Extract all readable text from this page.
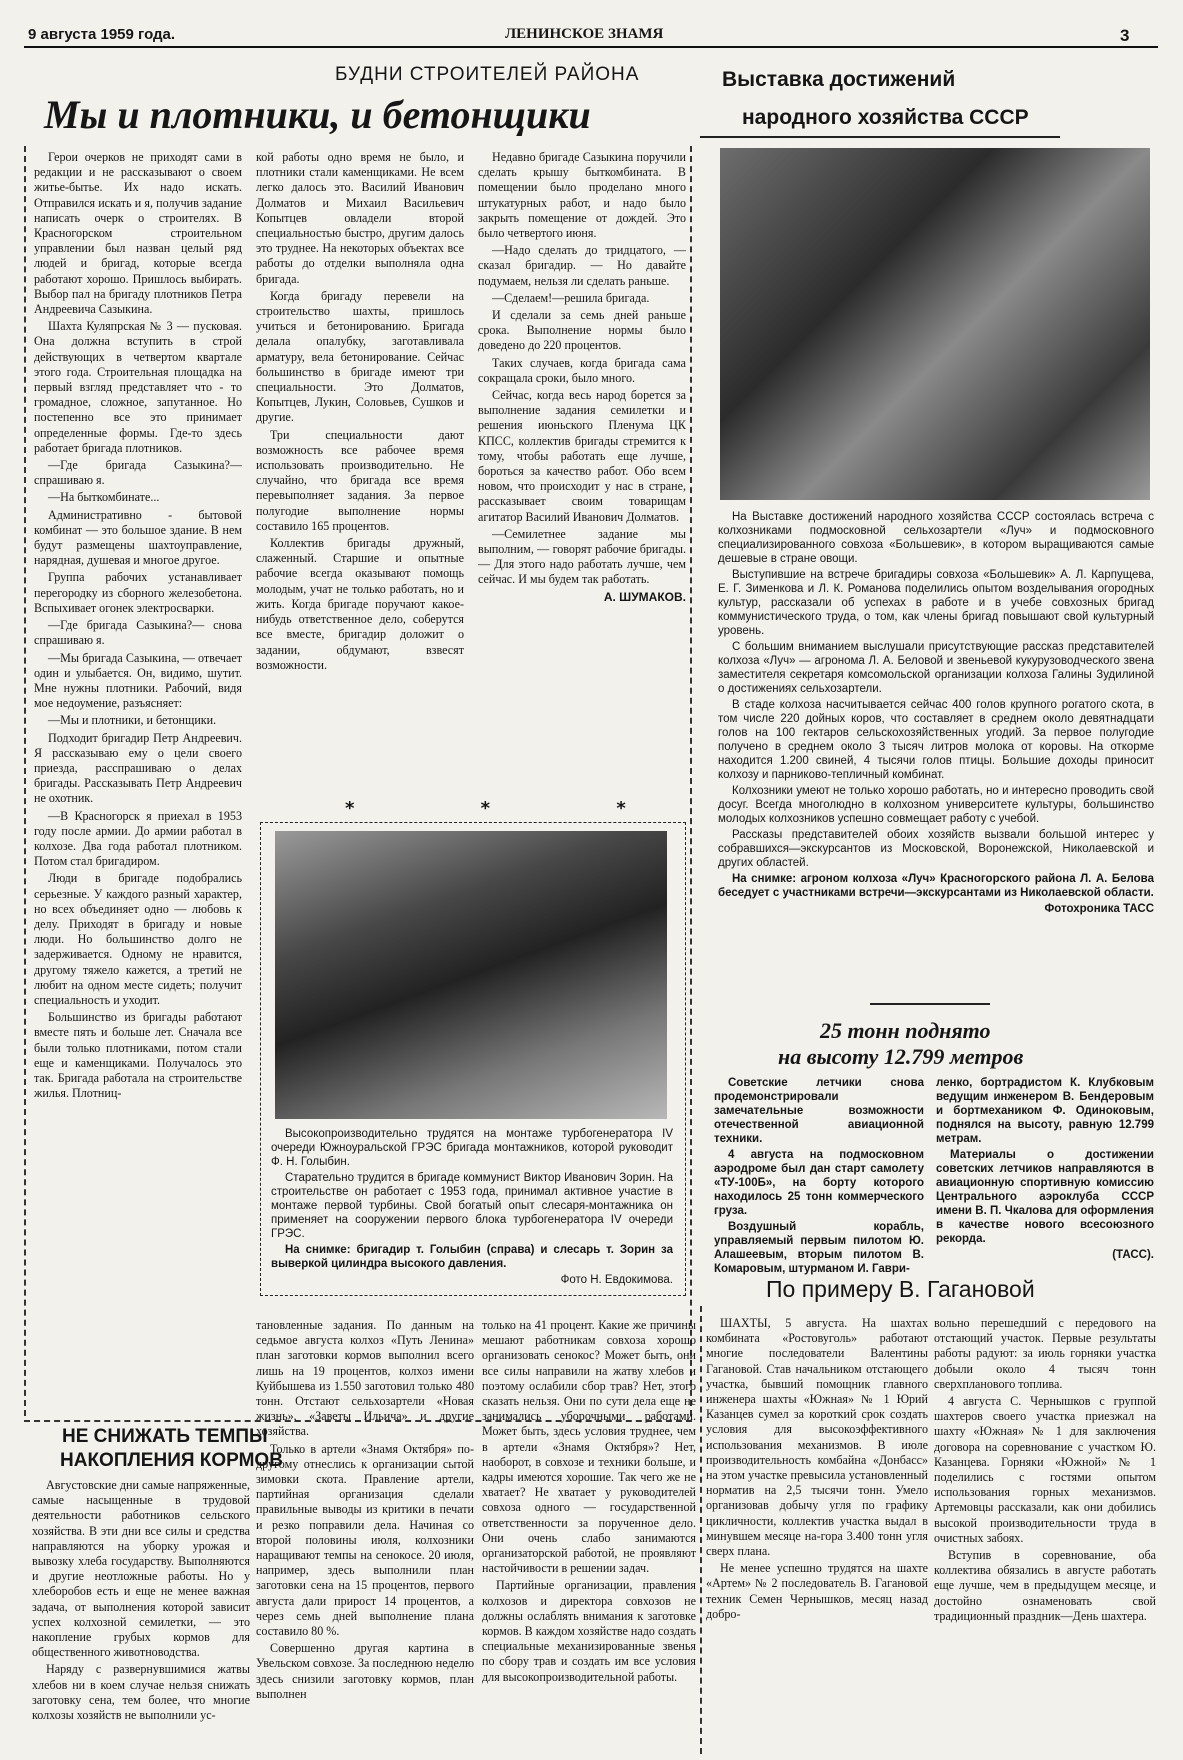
9 августа 1959 года.	ЛЕНИНСКОЕ ЗНАМЯ	3
БУДНИ СТРОИТЕЛЕЙ РАЙОНА
Мы и плотники, и бетонщики

Герои очерков не приходят сами в редакции и не рассказывают о своем житье-бытье. Их надо искать. Отправился искать и я, получив задание написать очерк о строителях. В Красногорском строительном управлении был назван целый ряд людей и бригад, которые всегда работают хорошо. Пришлось выбирать. Выбор пал на бригаду плотников Петра Андреевича Сазыкина.

Шахта Куляпрская № 3 — пусковая. Она должна вступить в строй действующих в четвертом квартале этого года. Строительная площадка на первый взгляд представляет что - то громадное, сложное, запутанное. Но постепенно все это принимает определенные формы. Где-то здесь работает бригада плотников.

—Где бригада Сазыкина?— спрашиваю я.

—На быткомбинате...

Административно - бытовой комбинат — это большое здание. В нем будут размещены шахтоуправление, нарядная, душевая и многое другое.

Группа рабочих устанавливает перегородку из сборного железобетона. Вспыхивает огонек электросварки.

—Где бригада Сазыкина?— снова спрашиваю я.

—Мы бригада Сазыкина, — отвечает один и улыбается. Он, видимо, шутит. Мне нужны плотники. Рабочий, видя мое недоумение, разъясняет:

—Мы и плотники, и бетонщики.

Подходит бригадир Петр Андреевич. Я рассказываю ему о цели своего приезда, расспрашиваю о делах бригады. Рассказывать Петр Андреевич не охотник.

—В Красногорск я приехал в 1953 году после армии. До армии работал в колхозе. Два года работал плотником. Потом стал бригадиром.

Люди в бригаде подобрались серьезные. У каждого разный характер, но всех объединяет одно — любовь к делу. Приходят в бригаду и новые люди. Но большинство долго не задерживается. Одному не нравится, другому тяжело кажется, а третий не любит на одном месте сидеть; получит специальность и уходит.

Большинство из бригады работают вместе пять и больше лет. Сначала все были только плотниками, потом стали еще и каменщиками. Получалось это так. Бригада работала на строительстве жилья. Плотниц-

кой работы одно время не было, и плотники стали каменщиками. Не всем легко далось это. Василий Иванович Долматов и Михаил Васильевич Копытцев овладели второй специальностью быстро, другим далось это труднее. На некоторых объектах все работы до отделки выполняла одна бригада.

Когда бригаду перевели на строительство шахты, пришлось учиться и бетонированию. Бригада делала опалубку, заготавливала арматуру, вела бетонирование. Сейчас большинство в бригаде имеют три специальности. Это Долматов, Копытцев, Лукин, Соловьев, Сушков и другие.

Три специальности дают возможность все рабочее время использовать производительно. Не случайно, что бригада все время перевыполняет задания. За первое полугодие выполнение нормы составило 165 процентов.

Коллектив бригады дружный, слаженный. Старшие и опытные рабочие всегда оказывают помощь молодым, учат не только работать, но и жить. Когда бригаде поручают какое-нибудь ответственное дело, соберутся все вместе, бригадир доложит о задании, обдумают, взвесят возможности.

Недавно бригаде Сазыкина поручили сделать крышу быткомбината. В помещении было проделано много штукатурных работ, и надо было закрыть помещение от дождей. Это было четвертого июня.

—Надо сделать до тридцатого, — сказал бригадир. — Но давайте подумаем, нельзя ли сделать раньше.

—Сделаем!—решила бригада.

И сделали за семь дней раньше срока. Выполнение нормы было доведено до 220 процентов.

Таких случаев, когда бригада сама сокращала сроки, было много.

Сейчас, когда весь народ борется за выполнение задания семилетки и решения июньского Пленума ЦК КПСС, коллектив бригады стремится к тому, чтобы работать еще лучше, бороться за качество работ. Обо всем новом, что происходит у нас в стране, рассказывает своим товарищам агитатор Василий Иванович Долматов.

—Семилетнее задание мы выполним, — говорят рабочие бригады. — Для этого надо работать лучше, чем сейчас. И мы будем так работать.

А. ШУМАКОВ.

* * *

Высокопроизводительно трудятся на монтаже турбогенератора IV очереди Южноуральской ГРЭС бригада монтажников, которой руководит Ф. Н. Голыбин.

Старательно трудится в бригаде коммунист Виктор Иванович Зорин. На строительстве он работает с 1953 года, принимал активное участие в монтаже первой турбины. Свой богатый опыт слесаря-монтажника он применяет на сооружении первого блока турбогенератора IV очереди ГРЭС.

На снимке: бригадир т. Голыбин (справа) и слесарь т. Зорин за выверкой цилиндра высокого давления.

Фото Н. Евдокимова.

Выставка достижений
народного хозяйства СССР

На Выставке достижений народного хозяйства СССР состоялась встреча с колхозниками подмосковной сельхозартели «Луч» и подмосковного специализированного совхоза «Большевик», в котором выращиваются самые дешевые в стране овощи.

Выступившие на встрече бригадиры совхоза «Большевик» А. Л. Карпущева, Е. Г. Зименкова и Л. К. Романова поделились опытом возделывания огородных культур, рассказали об успехах в работе и в учебе совхозных бригад коммунистического труда, о том, как члены бригад повышают свой культурный уровень.

С большим вниманием выслушали присутствующие рассказ представителей колхоза «Луч» — агронома Л. А. Беловой и звеньевой кукурузоводческого звена заместителя секретаря комсомольской организации колхоза Галины Зудилиной о достижениях сельхозартели.

В стаде колхоза насчитывается сейчас 400 голов крупного рогатого скота, в том числе 220 дойных коров, что составляет в среднем около девятнадцати голов на 100 гектаров сельскохозяйственных угодий. За первое полугодие получено в среднем около 3 тысяч литров молока от коровы. На откорме находится 1.200 свиней, 4 тысячи голов птицы. Большие доходы приносит колхозу и парниково-тепличный комбинат.

Колхозники умеют не только хорошо работать, но и интересно проводить свой досуг. Всегда многолюдно в колхозном университете культуры, большинство молодых колхозников успешно совмещает работу с учебой.

Рассказы представителей обоих хозяйств вызвали большой интерес у собравшихся—экскурсантов из Московской, Воронежской, Николаевской и других областей.

На снимке: агроном колхоза «Луч» Красногорского района Л. А. Белова беседует с участниками встречи—экскурсантами из Николаевской области.

Фотохроника ТАСС

25 тонн поднято
на высоту 12.799 метров

Советские летчики снова продемонстрировали замечательные возможности отечественной авиационной техники.

4 августа на подмосковном аэродроме был дан старт самолету «ТУ-100Б», на борту которого находилось 25 тонн коммерческого груза.

Воздушный корабль, управляемый первым пилотом Ю. Алашеевым, вторым пилотом В. Комаровым, штурманом И. Гаври-

ленко, бортрадистом К. Клубковым ведущим инженером В. Бендеровым и бортмехаником Ф. Одиноковым, поднялся на высоту, равную 12.799 метрам.

Материалы о достижении советских летчиков направляются в авиационную спортивную комиссию Центрального аэроклуба СССР имени В. П. Чкалова для оформления в качестве нового всесоюзного рекорда.

(ТАСС).

По примеру В. Гагановой

ШАХТЫ, 5 августа. На шахтах комбината «Ростовуголь» работают многие последователи Валентины Гагановой. Став начальником отстающего участка, бывший помощник главного инженера шахты «Южная» № 1 Юрий Казанцев сумел за короткий срок создать условия для высокоэффективного использования механизмов. В июле производительность комбайна «Донбасс» на этом участке превысила установленный норматив на 2,5 тысячи тонн. Умело организовав добычу угля по графику цикличности, коллектив участка выдал в минувшем месяце на-гора 3.400 тонн угля сверх плана.

Не менее успешно трудятся на шахте «Артем» № 2 последователь В. Гагановой техник Семен Чернышков, месяц назад добро-

вольно перешедший с передового на отстающий участок. Первые результаты работы радуют: за июль горняки участка добыли около 4 тысяч тонн сверхпланового топлива.

4 августа С. Чернышков с группой шахтеров своего участка приезжал на шахту «Южная» № 1 для заключения договора на соревнование с участком Ю. Казанцева. Горняки «Южной» № 1 поделились с гостями опытом использования горных механизмов. Артемовцы рассказали, как они добились высокой производительности труда в очистных забоях.

Вступив в соревнование, оба коллектива обязались в августе работать еще лучше, чем в предыдущем месяце, и достойно ознаменовать свой традиционный праздник—День шахтера.

НЕ СНИЖАТЬ ТЕМПЫ
НАКОПЛЕНИЯ КОРМОВ

Августовские дни самые напряженные, самые насыщенные в трудовой деятельности работников сельского хозяйства. В эти дни все силы и средства направляются на уборку урожая и вывозку хлеба государству. Выполняются и другие неотложные работы. Но у хлеборобов есть и еще не менее важная задача, от выполнения которой зависит успех колхозной семилетки, — это накопление грубых кормов для общественного животноводства.

Наряду с развернувшимися жатвы хлебов ни в коем случае нельзя снижать заготовку сена, тем более, что многие колхозы хозяйств не выполнили ус-

тановленные задания. По данным на седьмое августа колхоз «Путь Ленина» план заготовки кормов выполнил всего лишь на 19 процентов, колхоз имени Куйбышева из 1.550 заготовил только 480 тонн. Отстают сельхозартели «Новая жизнь», «Заветы Ильича» и другие хозяйства.

Только в артели «Знамя Октября» по-другому отнеслись к организации сытой зимовки скота. Правление артели, партийная организация сделали правильные выводы из критики в печати и резко поправили дела. Начиная со второй половины июля, колхозники наращивают темпы на сенокосе. 20 июля, например, здесь выполнили план заготовки сена на 15 процентов, первого августа дали прирост 14 процентов, а через семь дней выполнение плана составило 80 %.

Совершенно другая картина в Увельском совхозе. За последнюю неделю здесь снизили заготовку кормов, план выполнен

только на 41 процент. Какие же причины мешают работникам совхоза хорошо организовать сенокос? Может быть, они все силы направили на жатву хлебов и поэтому ослабили сбор трав? Нет, этого сказать нельзя. Они по сути дела еще не занимались уборочными работами. Может быть, здесь условия труднее, чем в артели «Знамя Октября»? Нет, наоборот, в совхозе и техники больше, и кадры имеются хорошие. Так чего же не хватает? Не хватает у руководителей совхоза одного — государственной ответственности за порученное дело. Они очень слабо занимаются организаторской работой, не проявляют настойчивости в решении задач.

Партийные организации, правления колхозов и директора совхозов не должны ослаблять внимания к заготовке кормов. В каждом хозяйстве надо создать специальные механизированные звенья по сбору трав и создать им все условия для высокопроизводительной работы.
